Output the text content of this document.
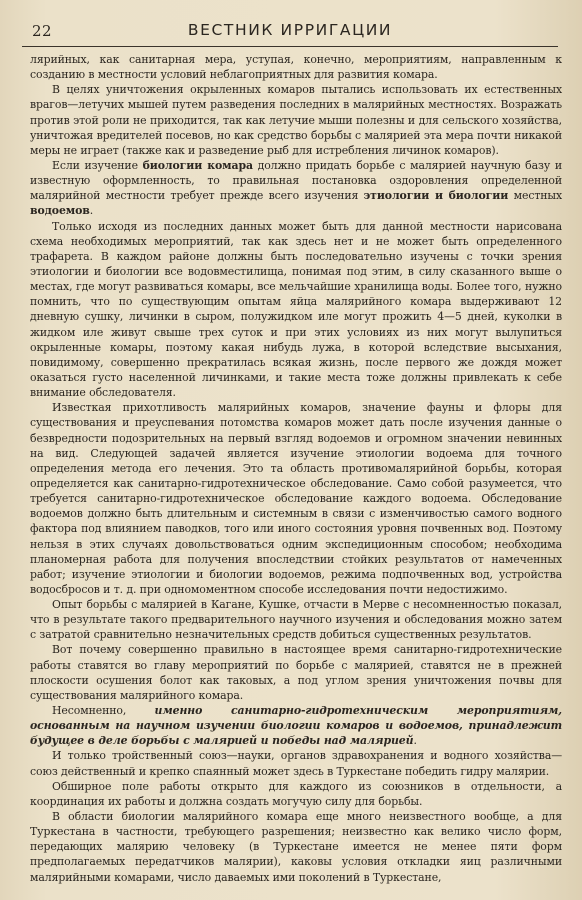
22	ВЕСТНИК ИРРИГАЦИИ

лярийных, как санитарная мера, уступая, конечно, мероприятиям, направленным к созданию в местности условий неблагоприятных для развития комара.

В целях уничтожения окрыленных комаров пытались использовать их естественных врагов—летучих мышей путем разведения последних в малярийных местностях. Возражать против этой роли не приходится, так как летучие мыши полезны и для сельского хозяйства, уничтожая вредителей посевов, но как средство борьбы с малярией эта мера почти никакой меры не играет (также как и разведение рыб для истребления личинок комаров).

Если изучение биологии комара должно придать борьбе с малярией научную базу и известную оформленность, то правильная постановка оздоровления определенной малярийной местности требует прежде всего изучения этиологии и биологии местных водоемов.

Только исходя из последних данных может быть для данной местности нарисована схема необходимых мероприятий, так как здесь нет и не может быть определенного трафарета. В каждом районе должны быть последовательно изучены с точки зрения этиологии и биологии все водовместилища, понимая под этим, в силу сказанного выше о местах, где могут развиваться комары, все мельчайшие хранилища воды. Более того, нужно помнить, что по существующим опытам яйца малярийного комара выдерживают 12 дневную сушку, личинки в сыром, полужидком иле могут прожить 4—5 дней, куколки в жидком иле живут свыше трех суток и при этих условиях из них могут вылупиться окрыленные комары, поэтому какая нибудь лужа, в которой вследствие высыхания, повидимому, совершенно прекратилась всякая жизнь, после первого же дождя может оказаться густо населенной личинками, и такие места тоже должны привлекать к себе внимание обследователя.

Известкая прихотливость малярийных комаров, значение фауны и флоры для существования и преуспевания потомства комаров может дать после изучения данные о безвредности подозрительных на первый взгляд водоемов и огромном значении невинных на вид. Следующей задачей является изучение этиологии водоема для точного определения метода его лечения. Это та область противомалярийной борьбы, которая определяется как санитарно-гидротехническое обследование. Само собой разумеется, что требуется санитарно-гидротехническое обследование каждого водоема. Обследование водоемов должно быть длительным и системным в связи с изменчивостью самого водного фактора под влиянием паводков, того или иного состояния уровня почвенных вод. Поэтому нельзя в этих случаях довольствоваться одним экспедиционным способом; необходима планомерная работа для получения впоследствии стойких результатов от намеченных работ; изучение этиологии и биологии водоемов, режима подпочвенных вод, устройства водосбросов и т. д. при одномоментном способе исследования почти недостижимо.

Опыт борьбы с малярией в Кагане, Кушке, отчасти в Мерве с несомненностью показал, что в результате такого предварительного научного изучения и обследования можно затем с затратой сравнительно незначительных средств добиться существенных результатов.

Вот почему совершенно правильно в настоящее время санитарно-гидротехнические работы ставятся во главу мероприятий по борьбе с малярией, ставятся не в прежней плоскости осушения болот как таковых, а под углом зрения уничтожения почвы для существования малярийного комара.

Несомненно, именно санитарно-гидротехническим мероприятиям, основанным на научном изучении биологии комаров и водоемов, принадлежит будущее в деле борьбы с малярией и победы над малярией.

И только тройственный союз—науки, органов здравохранения и водного хозяйства—союз действенный и крепко спаянный может здесь в Туркестане победить гидру малярии.

Обширное поле работы открыто для каждого из союзников в отдельности, а координация их работы и должна создать могучую силу для борьбы.

В области биологии малярийного комара еще много неизвестного вообще, а для Туркестана в частности, требующего разрешения; неизвестно как велико число форм, передающих малярию человеку (в Туркестане имеется не менее пяти форм предполагаемых передатчиков малярии), каковы условия откладки яиц различными малярийными комарами, число даваемых ими поколений в Туркестане,
